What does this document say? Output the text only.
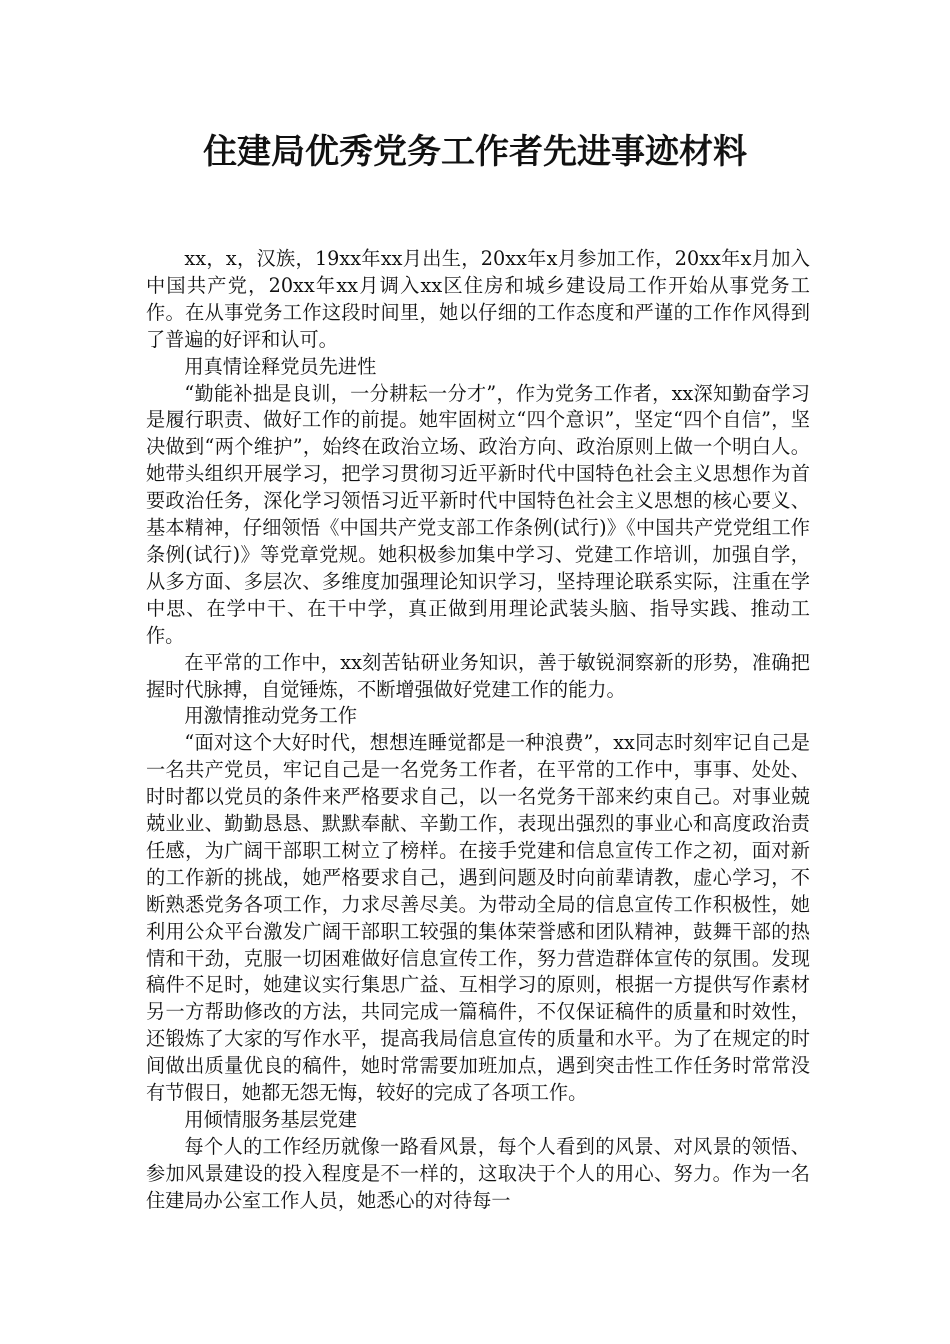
住建局优秀党务工作者先进事迹材料

xx，x，汉族，19xx年xx月出生，20xx年x月参加工作，20xx年x月加入中国共产党，20xx年xx月调入xx区住房和城乡建设局工作开始从事党务工作。在从事党务工作这段时间里，她以仔细的工作态度和严谨的工作作风得到了普遍的好评和认可。

用真情诠释党员先进性

“勤能补拙是良训，一分耕耘一分才”，作为党务工作者，xx深知勤奋学习是履行职责、做好工作的前提。她牢固树立“四个意识”，坚定“四个自信”，坚决做到“两个维护”，始终在政治立场、政治方向、政治原则上做一个明白人。她带头组织开展学习，把学习贯彻习近平新时代中国特色社会主义思想作为首要政治任务，深化学习领悟习近平新时代中国特色社会主义思想的核心要义、基本精神，仔细领悟《中国共产党支部工作条例(试行)》《中国共产党党组工作条例(试行)》等党章党规。她积极参加集中学习、党建工作培训，加强自学，从多方面、多层次、多维度加强理论知识学习，坚持理论联系实际，注重在学中思、在学中干、在干中学，真正做到用理论武装头脑、指导实践、推动工作。

在平常的工作中，xx刻苦钻研业务知识，善于敏锐洞察新的形势，准确把握时代脉搏，自觉锤炼，不断增强做好党建工作的能力。

用激情推动党务工作

“面对这个大好时代，想想连睡觉都是一种浪费”，xx同志时刻牢记自己是一名共产党员，牢记自己是一名党务工作者，在平常的工作中，事事、处处、时时都以党员的条件来严格要求自己，以一名党务干部来约束自己。对事业兢兢业业、勤勤恳恳、默默奉献、辛勤工作，表现出强烈的事业心和高度政治责任感，为广阔干部职工树立了榜样。在接手党建和信息宣传工作之初，面对新的工作新的挑战，她严格要求自己，遇到问题及时向前辈请教，虚心学习，不断熟悉党务各项工作，力求尽善尽美。为带动全局的信息宣传工作积极性，她利用公众平台激发广阔干部职工较强的集体荣誉感和团队精神，鼓舞干部的热情和干劲，克服一切困难做好信息宣传工作，努力营造群体宣传的氛围。发现稿件不足时，她建议实行集思广益、互相学习的原则，根据一方提供写作素材另一方帮助修改的方法，共同完成一篇稿件，不仅保证稿件的质量和时效性，还锻炼了大家的写作水平，提高我局信息宣传的质量和水平。为了在规定的时间做出质量优良的稿件，她时常需要加班加点，遇到突击性工作任务时常常没有节假日，她都无怨无悔，较好的完成了各项工作。

用倾情服务基层党建

每个人的工作经历就像一路看风景，每个人看到的风景、对风景的领悟、参加风景建设的投入程度是不一样的，这取决于个人的用心、努力。作为一名住建局办公室工作人员，她悉心的对待每一
